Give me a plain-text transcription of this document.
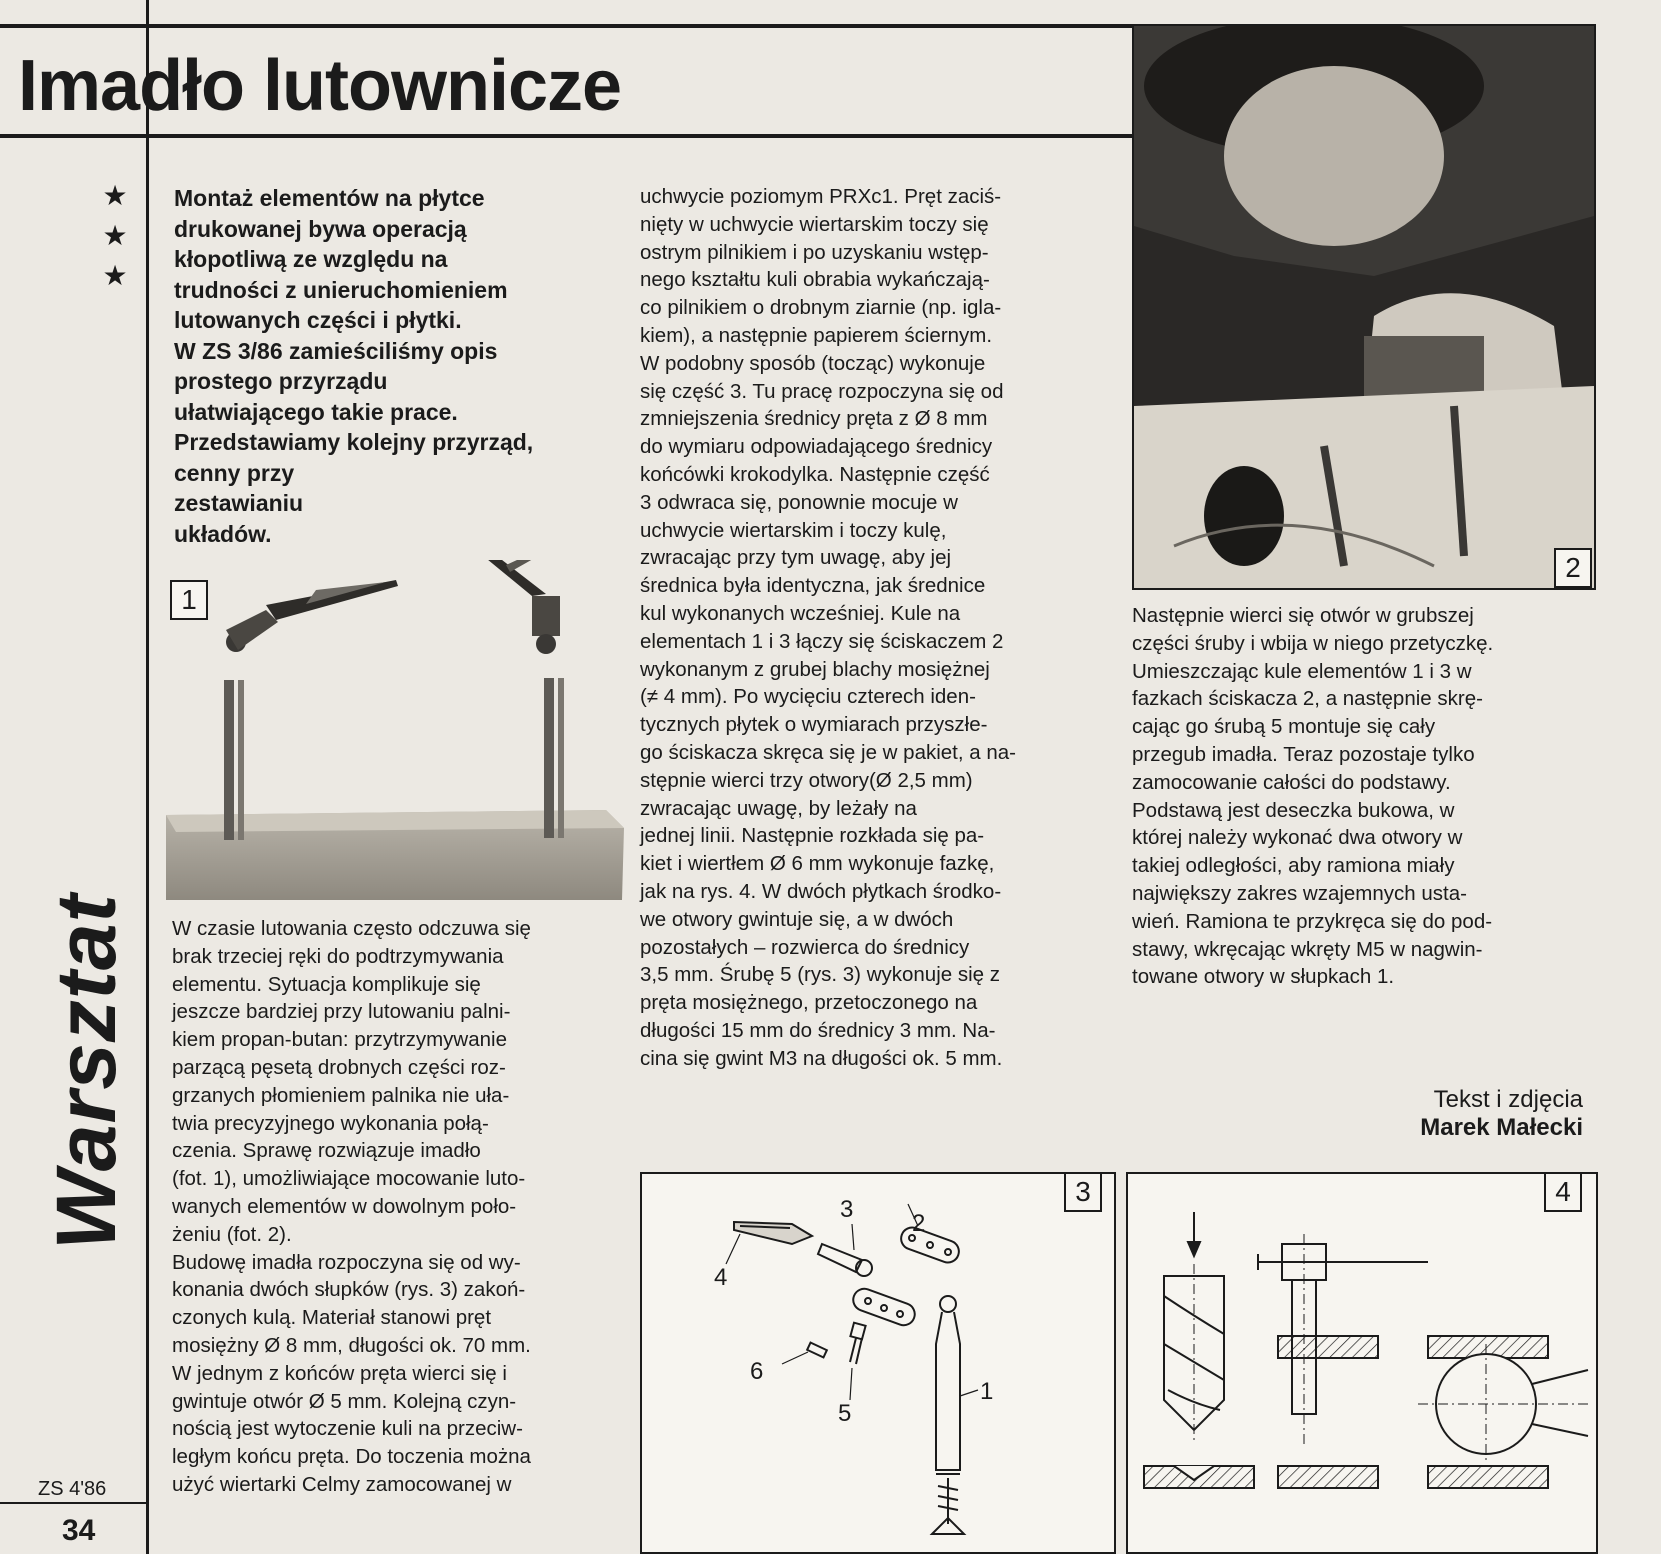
Imadło lutownicze
★
★
★
Warsztat
ZS 4'86
34

Montaż elementów na płytce

drukowanej bywa operacją

kłopotliwą ze względu na

trudności z unieruchomieniem

lutowanych części i płytki.

W ZS 3/86 zamieściliśmy opis

prostego przyrządu

ułatwiającego takie prace.

Przedstawiamy kolejny przyrząd,

cenny przy

zestawianiu

układów.

1

W czasie lutowania często odczuwa się

brak trzeciej ręki do podtrzymywania

elementu. Sytuacja komplikuje się

jeszcze bardziej przy lutowaniu palni-

kiem propan-butan: przytrzymywanie

parzącą pęsetą drobnych części roz-

grzanych płomieniem palnika nie uła-

twia precyzyjnego wykonania połą-

czenia. Sprawę rozwiązuje imadło

(fot. 1), umożliwiające mocowanie luto-

wanych elementów w dowolnym poło-

żeniu (fot. 2).

Budowę imadła rozpoczyna się od wy-

konania dwóch słupków (rys. 3) zakoń-

czonych kulą. Materiał stanowi pręt

mosiężny Ø 8 mm, długości ok. 70 mm.

W jednym z końców pręta wierci się i

gwintuje otwór Ø 5 mm. Kolejną czyn-

nością jest wytoczenie kuli na przeciw-

ległym końcu pręta. Do toczenia można

użyć wiertarki Celmy zamocowanej w

uchwycie poziomym PRXc1. Pręt zaciś-

nięty w uchwycie wiertarskim toczy się

ostrym pilnikiem i po uzyskaniu wstęp-

nego kształtu kuli obrabia wykańczają-

co pilnikiem o drobnym ziarnie (np. igla-

kiem), a następnie papierem ściernym.

W podobny sposób (tocząc) wykonuje

się część 3. Tu pracę rozpoczyna się od

zmniejszenia średnicy pręta z Ø 8 mm

do wymiaru odpowiadającego średnicy

końcówki krokodylka. Następnie część

3 odwraca się, ponownie mocuje w

uchwycie wiertarskim i toczy kulę,

zwracając przy tym uwagę, aby jej

średnica była identyczna, jak średnice

kul wykonanych wcześniej. Kule na

elementach 1 i 3 łączy się ściskaczem 2

wykonanym z grubej blachy mosiężnej

(≠ 4 mm). Po wycięciu czterech iden-

tycznych płytek o wymiarach przyszłe-

go ściskacza skręca się je w pakiet, a na-

stępnie wierci trzy otwory(Ø 2,5 mm)

zwracając uwagę, by leżały na

jednej linii. Następnie rozkłada się pa-

kiet i wiertłem Ø 6 mm wykonuje fazkę,

jak na rys. 4. W dwóch płytkach środko-

we otwory gwintuje się, a w dwóch

pozostałych – rozwierca do średnicy

3,5 mm. Śrubę 5 (rys. 3) wykonuje się z

pręta mosiężnego, przetoczonego na

długości 15 mm do średnicy 3 mm. Na-

cina się gwint M3 na długości ok. 5 mm.

2

Następnie wierci się otwór w grubszej

części śruby i wbija w niego przetyczkę.

Umieszczając kule elementów 1 i 3 w

fazkach ściskacza 2, a następnie skrę-

cając go śrubą 5 montuje się cały

przegub imadła. Teraz pozostaje tylko

zamocowanie całości do podstawy.

Podstawą jest deseczka bukowa, w

której należy wykonać dwa otwory w

takiej odległości, aby ramiona miały

największy zakres wzajemnych usta-

wień. Ramiona te przykręca się do pod-

stawy, wkręcając wkręty M5 w nagwin-

towane otwory w słupkach 1.

Tekst i zdjęcia
Marek Małecki
4
3
2
6
5
1
3	4
